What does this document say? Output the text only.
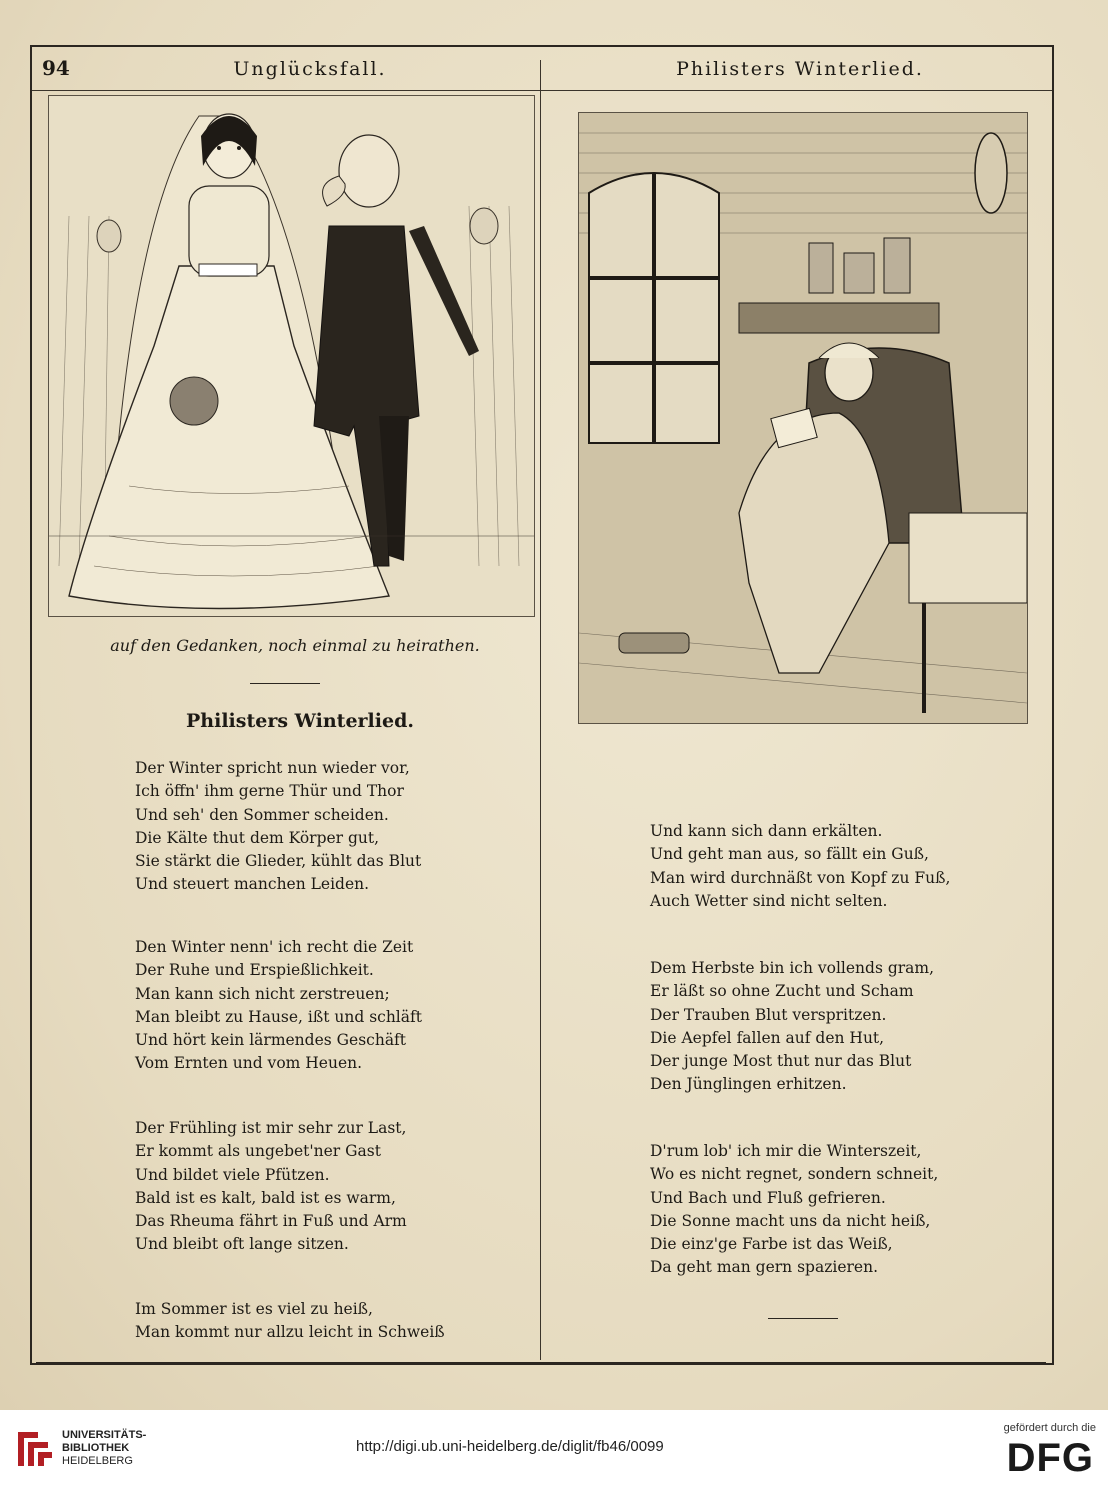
94	Unglücksfall.	Philisters Winterlied.
auf den Gedanken, noch einmal zu heirathen.
Philisters Winterlied.
Der Winter spricht nun wieder vor,
Ich öffn' ihm gerne Thür und Thor
Und seh' den Sommer scheiden.
Die Kälte thut dem Körper gut,
Sie stärkt die Glieder, kühlt das Blut
Und steuert manchen Leiden.
Den Winter nenn' ich recht die Zeit
Der Ruhe und Erspießlichkeit.
Man kann sich nicht zerstreuen;
Man bleibt zu Hause, ißt und schläft
Und hört kein lärmendes Geschäft
Vom Ernten und vom Heuen.
Der Frühling ist mir sehr zur Last,
Er kommt als ungebet'ner Gast
Und bildet viele Pfützen.
Bald ist es kalt, bald ist es warm,
Das Rheuma fährt in Fuß und Arm
Und bleibt oft lange sitzen.
Im Sommer ist es viel zu heiß,
Man kommt nur allzu leicht in Schweiß
Und kann sich dann erkälten.
Und geht man aus, so fällt ein Guß,
Man wird durchnäßt von Kopf zu Fuß,
Auch Wetter sind nicht selten.
Dem Herbste bin ich vollends gram,
Er läßt so ohne Zucht und Scham
Der Trauben Blut verspritzen.
Die Aepfel fallen auf den Hut,
Der junge Most thut nur das Blut
Den Jünglingen erhitzen.
D'rum lob' ich mir die Winterszeit,
Wo es nicht regnet, sondern schneit,
Und Bach und Fluß gefrieren.
Die Sonne macht uns da nicht heiß,
Die einz'ge Farbe ist das Weiß,
Da geht man gern spazieren.
UNIVERSITÄTS-
BIBLIOTHEK
HEIDELBERG
http://digi.ub.uni-heidelberg.de/diglit/fb46/0099
gefördert durch die
DFG
